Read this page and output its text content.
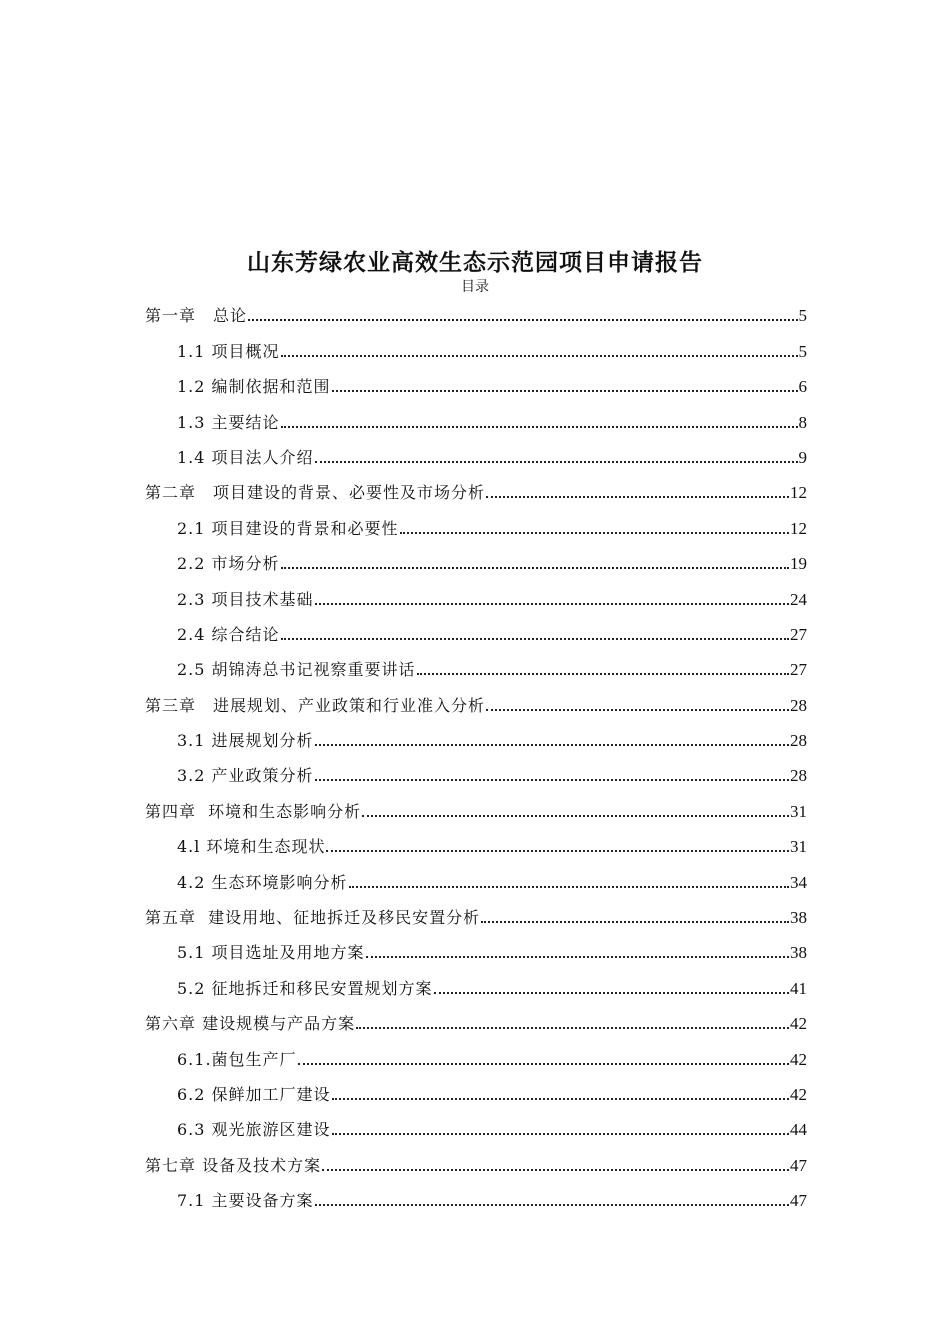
山东芳绿农业高效生态示范园项目申请报告
目录
第一章　总论	5
1.1 项目概况	5
1.2 编制依据和范围	6
1.3 主要结论	8
1.4 项目法人介绍	9
第二章　项目建设的背景、必要性及市场分析	12
2.1 项目建设的背景和必要性	12
2.2 市场分析	19
2.3 项目技术基础	24
2.4 综合结论	27
2.5 胡锦涛总书记视察重要讲话	27
第三章　进展规划、产业政策和行业准入分析	28
3.1 进展规划分析	28
3.2 产业政策分析	28
第四章  环境和生态影响分析	31
4.l 环境和生态现状	31
4.2 生态环境影响分析	34
第五章  建设用地、征地拆迁及移民安置分析	38
5.1 项目选址及用地方案	38
5.2 征地拆迁和移民安置规划方案	41
第六章 建设规模与产品方案	42
6.1.菌包生产厂	42
6.2 保鲜加工厂建设	42
6.3 观光旅游区建设	44
第七章 设备及技术方案	47
7.1 主要设备方案	47
